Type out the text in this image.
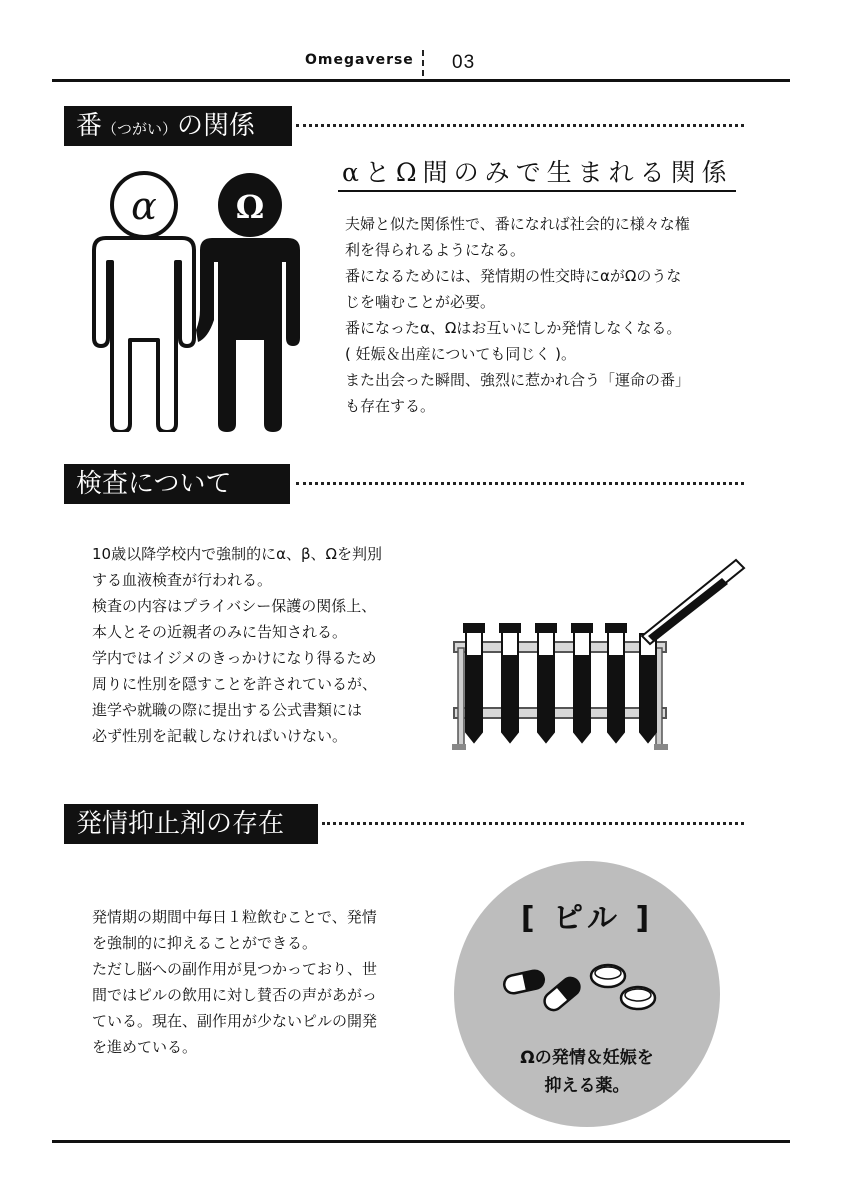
Omegaverse 03
番（つがい）の関係
α Ω
αとΩ間のみで生まれる関係
夫婦と似た関係性で、番になれば社会的に様々な権
利を得られるようになる。
番になるためには、発情期の性交時にαがΩのうな
じを噛むことが必要。
番になったα、Ωはお互いにしか発情しなくなる。
( 妊娠＆出産についても同じく )。
また出会った瞬間、強烈に惹かれ合う「運命の番」
も存在する。
検査について
10歳以降学校内で強制的にα、β、Ωを判別
する血液検査が行われる。
検査の内容はプライバシー保護の関係上、
本人とその近親者のみに告知される。
学内ではイジメのきっかけになり得るため
周りに性別を隠すことを許されているが、
進学や就職の際に提出する公式書類には
必ず性別を記載しなければいけない。
発情抑止剤の存在
発情期の期間中毎日１粒飲むことで、発情
を強制的に抑えることができる。
ただし脳への副作用が見つかっており、世
間ではピルの飲用に対し賛否の声があがっ
ている。現在、副作用が少ないピルの開発
を進めている。
[ ピル ]
Ωの発情＆妊娠を
抑える薬。
